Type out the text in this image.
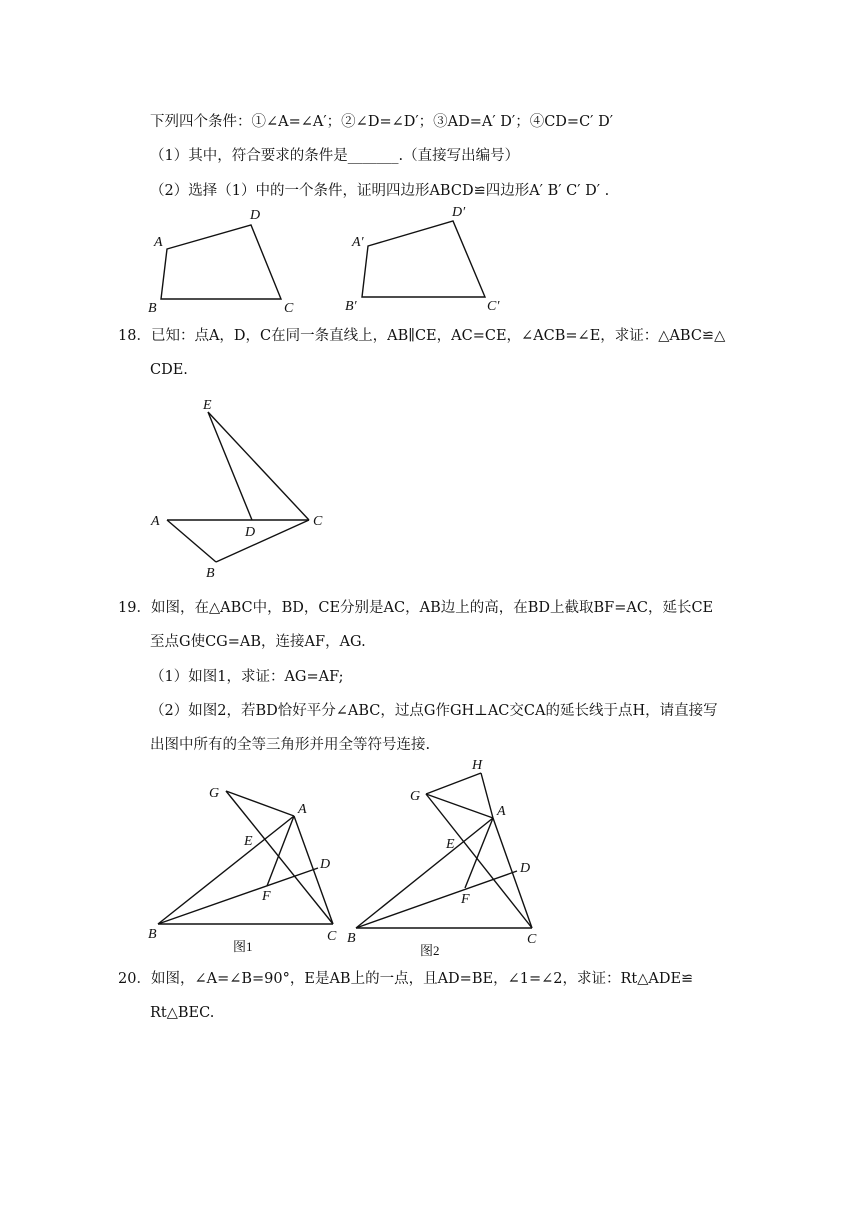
下列四个条件：①∠A=∠A′；②∠D=∠D′；③AD=A′ D′；④CD=C′ D′
（1）其中，符合要求的条件是_______.（直接写出编号）
（2）选择（1）中的一个条件，证明四边形ABCD≌四边形A′ B′ C′ D′ .
A
D
B	C
A′
D′
B′	C′
18．已知：点A，D，C在同一条直线上，AB∥CE，AC=CE，∠ACB=∠E，求证：△ABC≌△
CDE.
E
A
D
C
B
19．如图，在△ABC中，BD，CE分别是AC，AB边上的高，在BD上截取BF=AC，延长CE
至点G使CG=AB，连接AF，AG.
（1）如图1，求证：AG=AF;
（2）如图2，若BD恰好平分∠ABC，过点G作GH⊥AC交CA的延长线于点H，请直接写
出图中所有的全等三角形并用全等符号连接.
G
A
E
D
F
B	C
图1
H
G
A
E
D
F
B	C
图2
20．如图，∠A=∠B=90°，E是AB上的一点，且AD=BE，∠1=∠2，求证：Rt△ADE≌
Rt△BEC.
